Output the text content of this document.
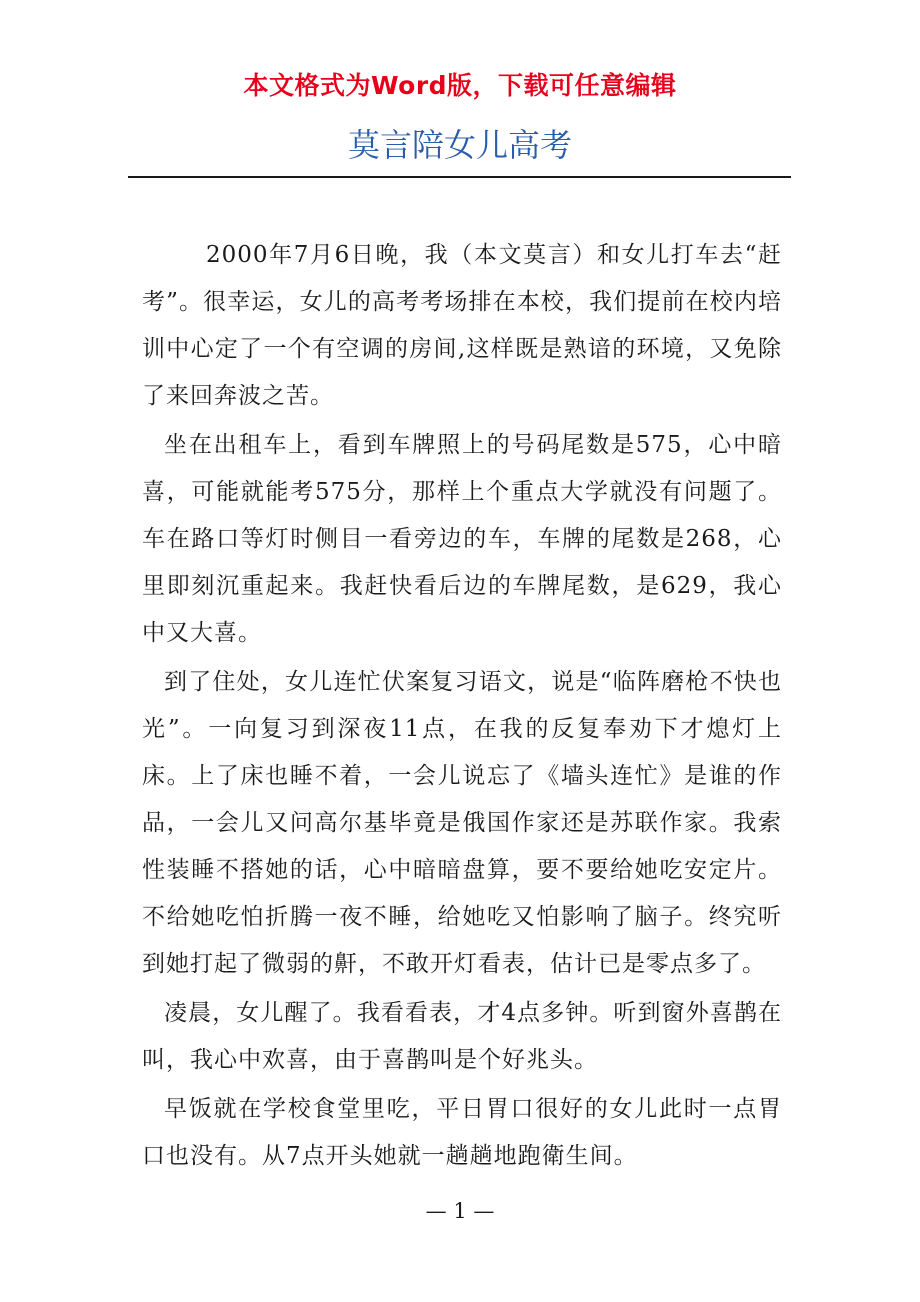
本文格式为Word版，下载可任意编辑
莫言陪女儿高考

2000年7月6日晚，我（本文莫言）和女儿打车去“赶考”。很幸运，女儿的高考考场排在本校，我们提前在校内培训中心定了一个有空调的房间,这样既是熟谙的环境，又免除了来回奔波之苦。

坐在出租车上，看到车牌照上的号码尾数是575，心中暗喜，可能就能考575分，那样上个重点大学就没有问题了。车在路口等灯时侧目一看旁边的车，车牌的尾数是268，心里即刻沉重起来。我赶快看后边的车牌尾数，是629，我心中又大喜。

到了住处，女儿连忙伏案复习语文，说是“临阵磨枪不快也光”。一向复习到深夜11点，在我的反复奉劝下才熄灯上床。上了床也睡不着，一会儿说忘了《墙头连忙》是谁的作品，一会儿又问高尔基毕竟是俄国作家还是苏联作家。我索性装睡不搭她的话，心中暗暗盘算，要不要给她吃安定片。不给她吃怕折腾一夜不睡，给她吃又怕影响了脑子。终究听到她打起了微弱的鼾，不敢开灯看表，估计已是零点多了。

凌晨，女儿醒了。我看看表，才4点多钟。听到窗外喜鹊在叫，我心中欢喜，由于喜鹊叫是个好兆头。

早饭就在学校食堂里吃，平日胃口很好的女儿此时一点胃口也没有。从7点开头她就一趟趟地跑衛生间。

— 1 —
